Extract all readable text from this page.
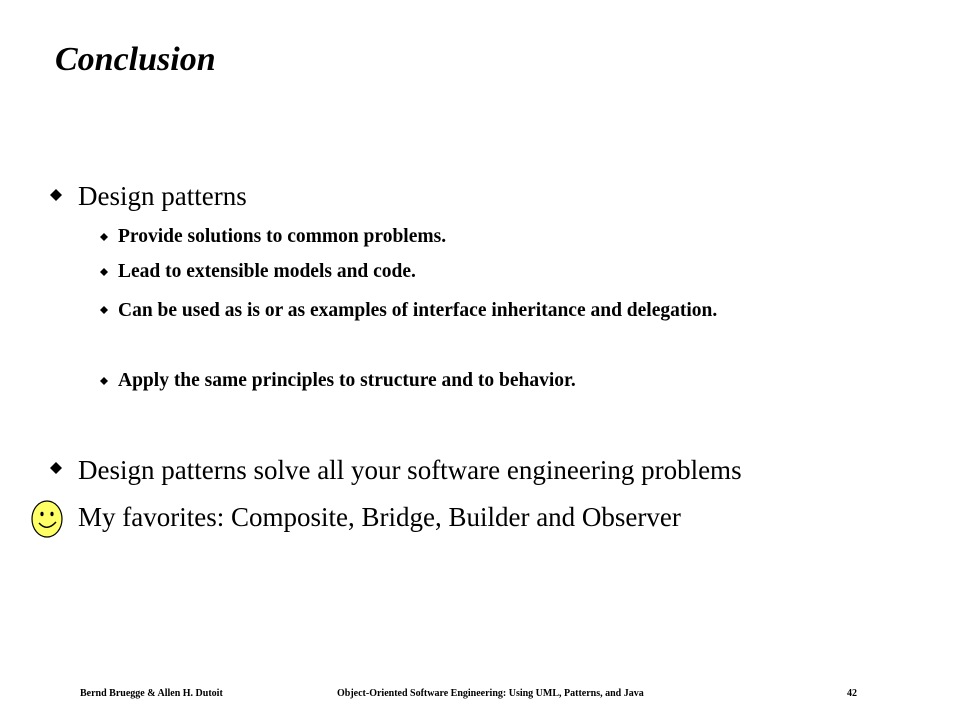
Conclusion
Design patterns
Provide solutions to common problems.
Lead to extensible models and code.
Can be used as is or as examples of interface inheritance and delegation.
Apply the same principles to structure and to behavior.
Design patterns solve all your software engineering problems
My favorites: Composite, Bridge, Builder and Observer
Bernd Bruegge & Allen H. Dutoit	Object-Oriented Software Engineering: Using UML, Patterns, and Java	42
